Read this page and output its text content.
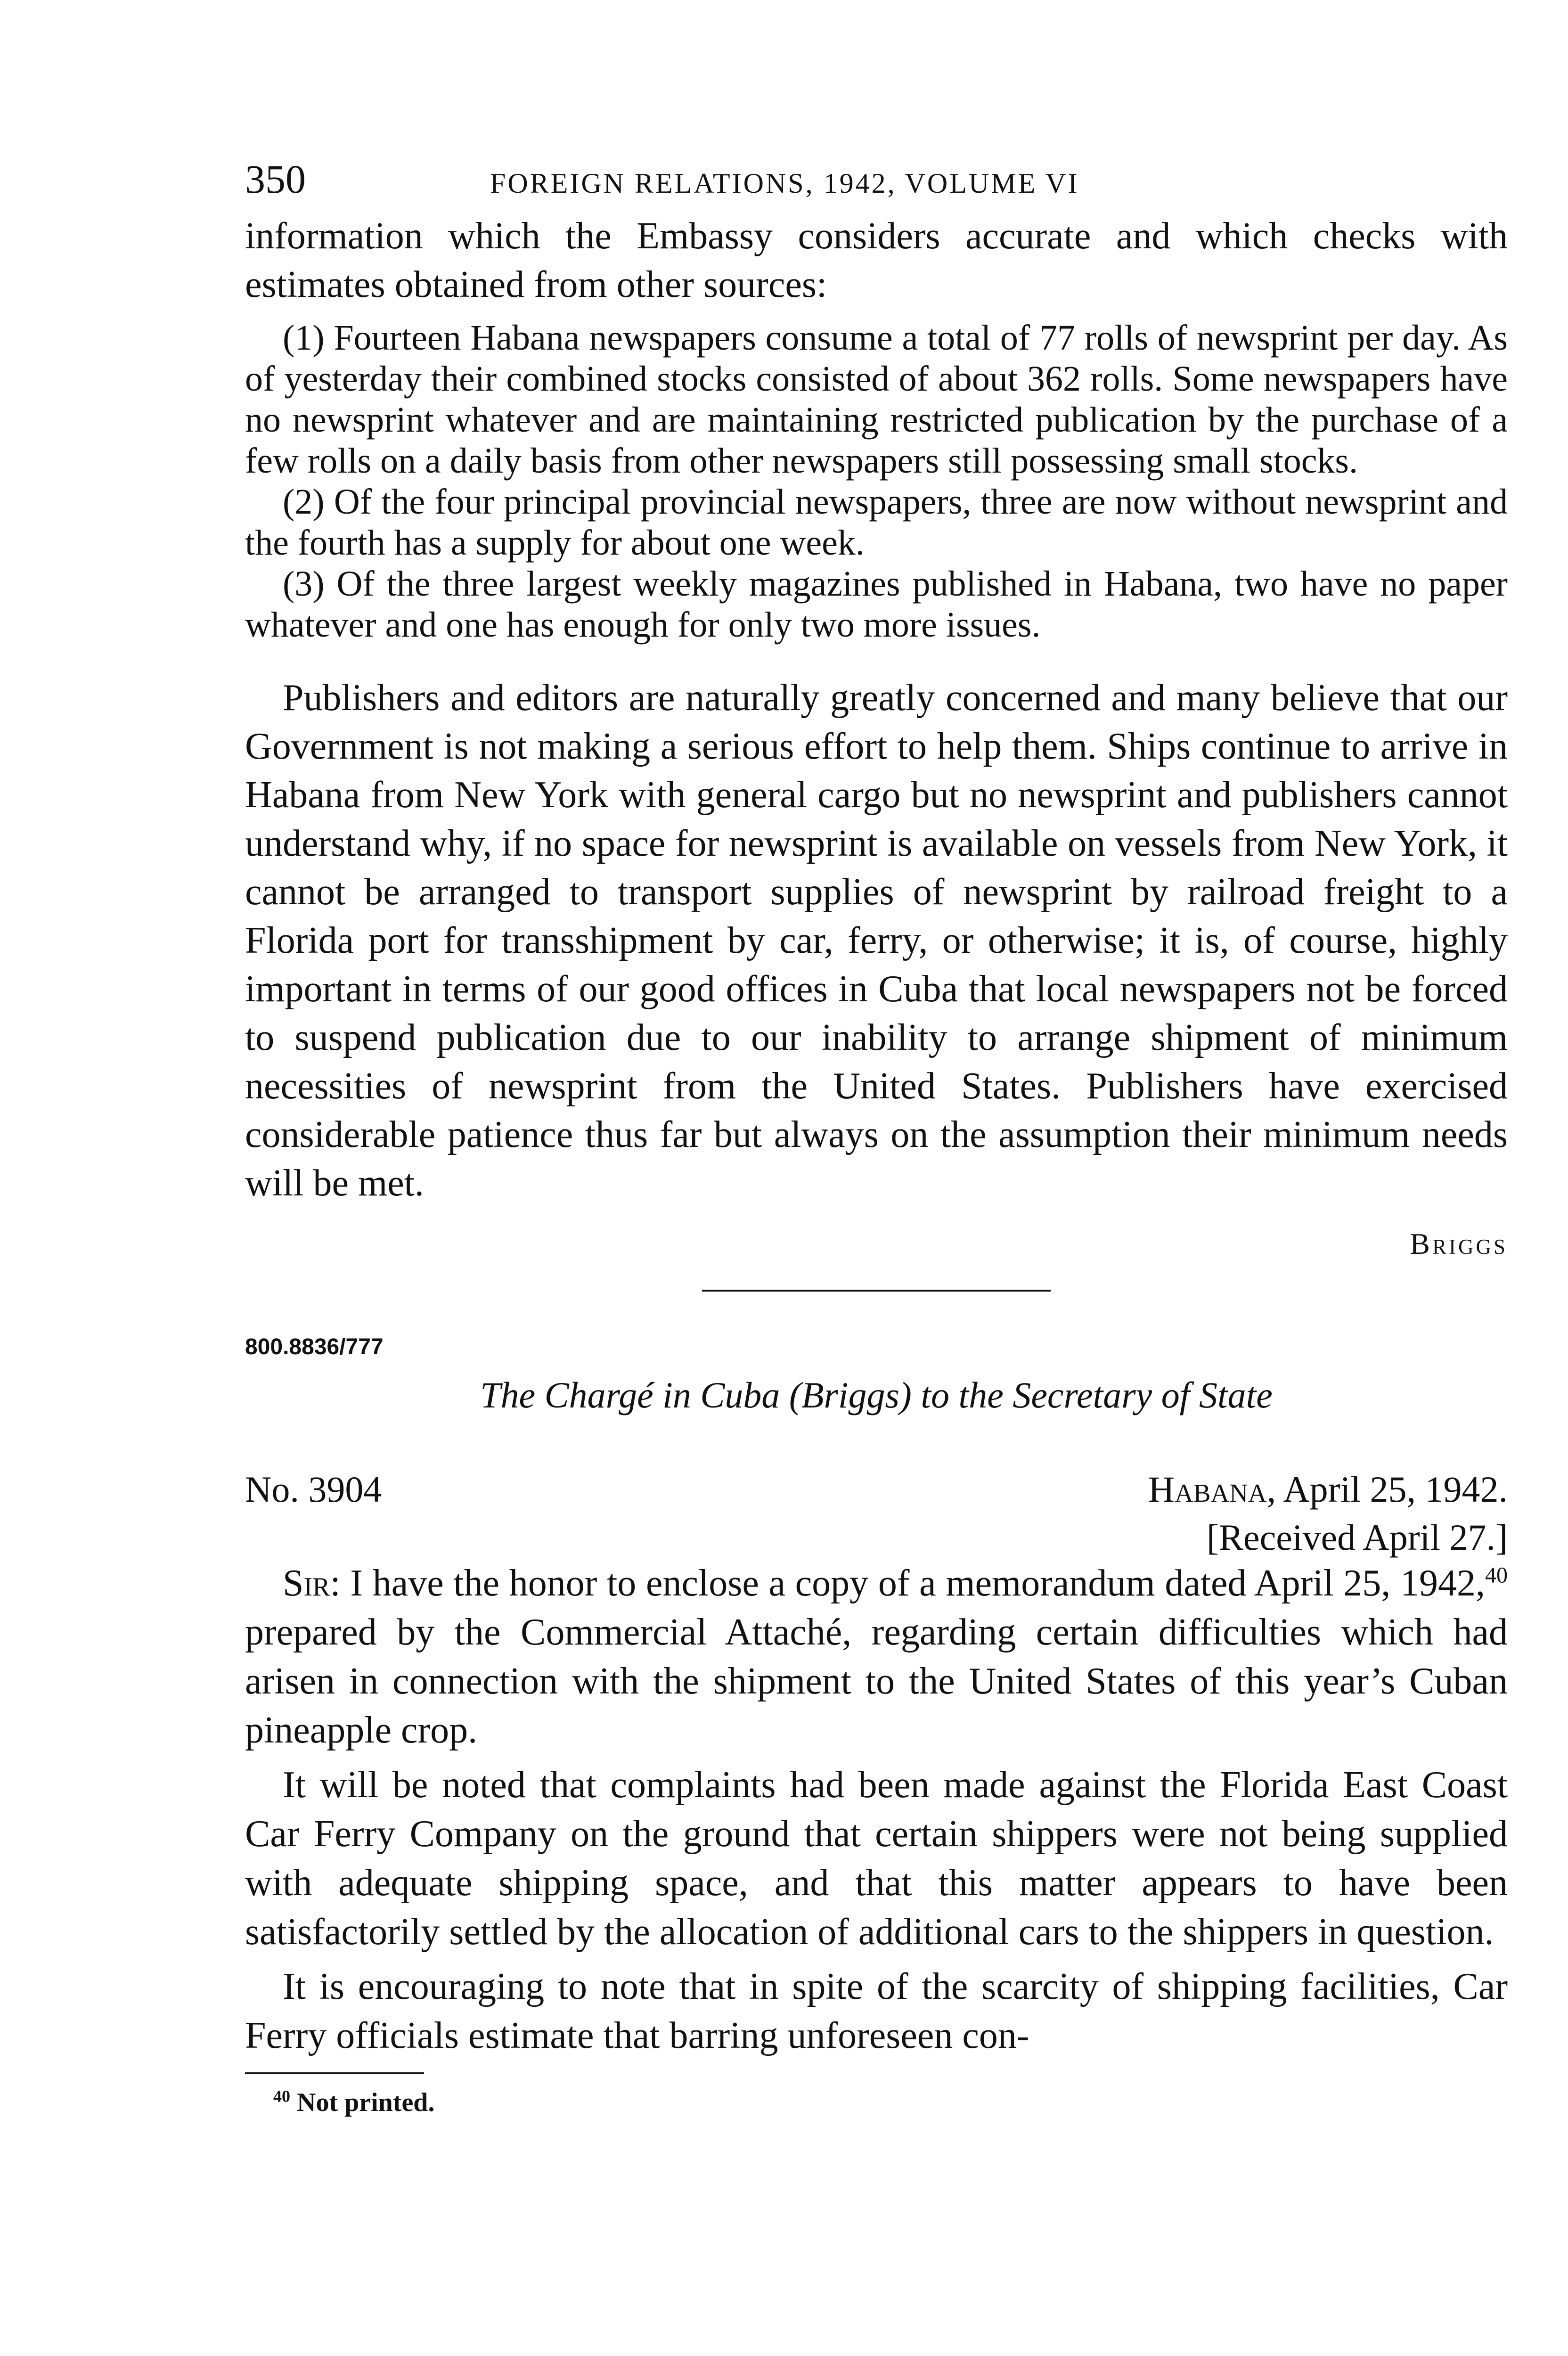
350	FOREIGN RELATIONS, 1942, VOLUME VI

information which the Embassy considers accurate and which checks with estimates obtained from other sources:

(1) Fourteen Habana newspapers consume a total of 77 rolls of newsprint per day. As of yesterday their combined stocks consisted of about 362 rolls. Some newspapers have no newsprint whatever and are maintaining restricted publication by the purchase of a few rolls on a daily basis from other newspapers still possessing small stocks.

(2) Of the four principal provincial newspapers, three are now without newsprint and the fourth has a supply for about one week.

(3) Of the three largest weekly magazines published in Habana, two have no paper whatever and one has enough for only two more issues.

Publishers and editors are naturally greatly concerned and many believe that our Government is not making a serious effort to help them. Ships continue to arrive in Habana from New York with general cargo but no newsprint and publishers cannot understand why, if no space for newsprint is available on vessels from New York, it cannot be arranged to transport supplies of newsprint by railroad freight to a Florida port for transshipment by car, ferry, or otherwise; it is, of course, highly important in terms of our good offices in Cuba that local newspapers not be forced to suspend publication due to our inability to arrange shipment of minimum necessities of newsprint from the United States. Publishers have exercised considerable patience thus far but always on the assumption their minimum needs will be met.

Briggs
800.8836/777
The Chargé in Cuba (Briggs) to the Secretary of State
No. 3904	Habana, April 25, 1942.
[Received April 27.]

Sir: I have the honor to enclose a copy of a memorandum dated April 25, 1942,40 prepared by the Commercial Attaché, regarding certain difficulties which had arisen in connection with the shipment to the United States of this year’s Cuban pineapple crop.

It will be noted that complaints had been made against the Florida East Coast Car Ferry Company on the ground that certain shippers were not being supplied with adequate shipping space, and that this matter appears to have been satisfactorily settled by the allocation of additional cars to the shippers in question.

It is encouraging to note that in spite of the scarcity of shipping facilities, Car Ferry officials estimate that barring unforeseen con-

$^{40}$ Not printed.
